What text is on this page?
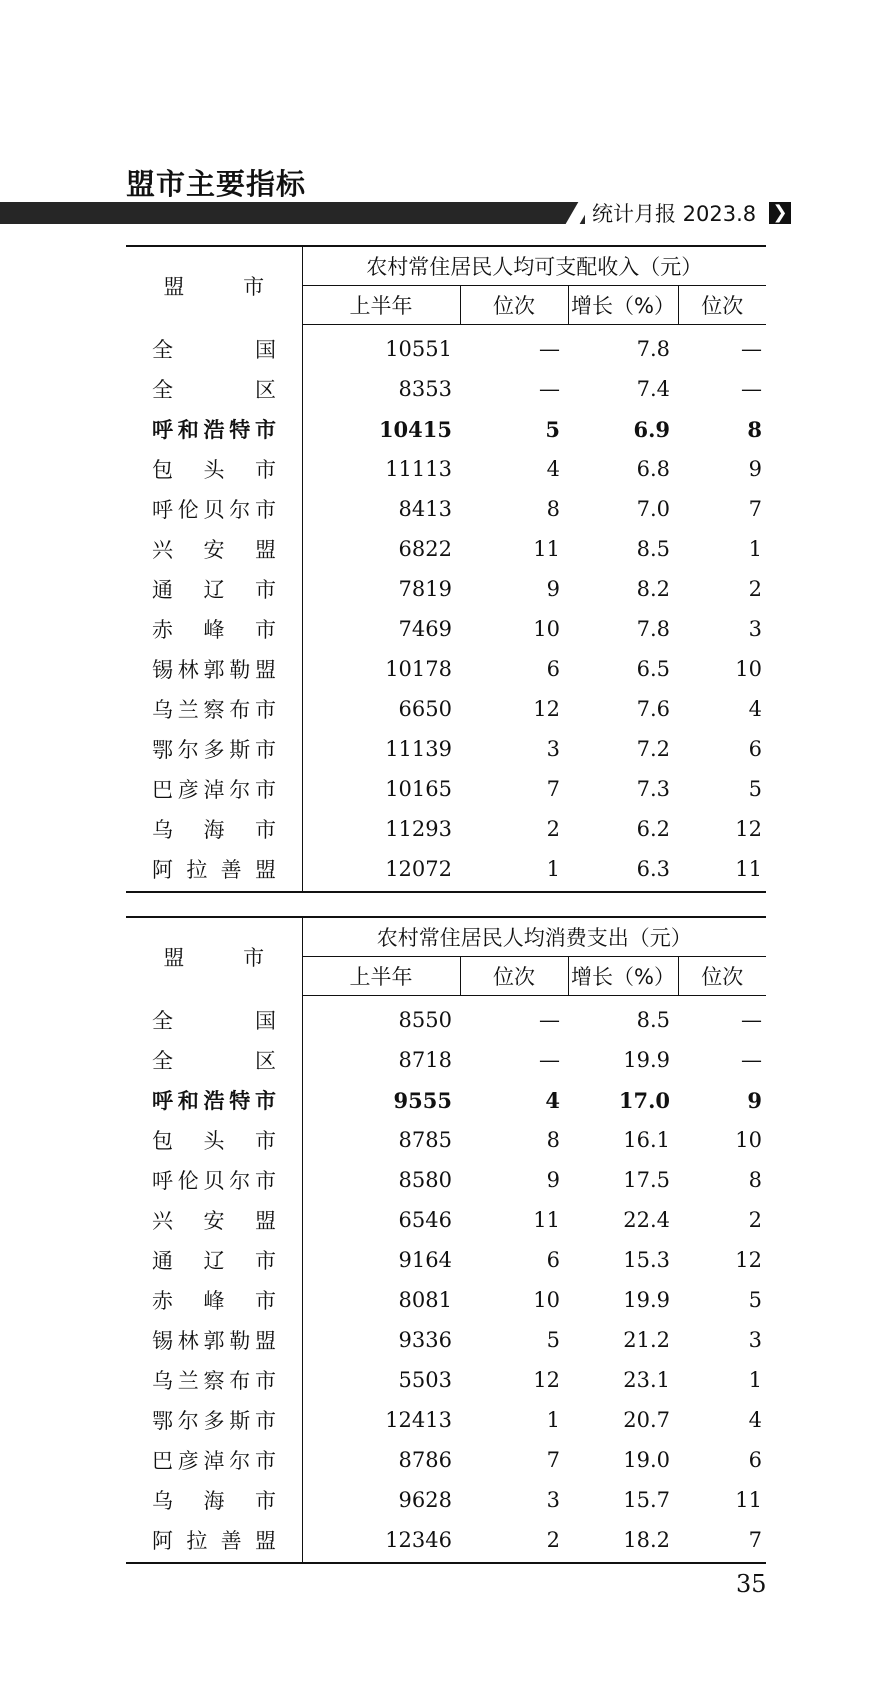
盟市主要指标
统计月报 2023.8 ❯
盟 市	农村常住居民人均可支配收入（元）			
	上半年	位次	增长（%）	位次

全国	10551	—	7.8	—

全区	8353	—	7.4	—

呼和浩特市	10415	5	6.9	8

包头市	11113	4	6.8	9

呼伦贝尔市	8413	8	7.0	7

兴安盟	6822	11	8.5	1

通辽市	7819	9	8.2	2

赤峰市	7469	10	7.8	3

锡林郭勒盟	10178	6	6.5	10

乌兰察布市	6650	12	7.6	4

鄂尔多斯市	11139	3	7.2	6

巴彦淖尔市	10165	7	7.3	5

乌海市	11293	2	6.2	12

阿拉善盟	12072	1	6.3	11
盟 市	农村常住居民人均消费支出（元）			
	上半年	位次	增长（%）	位次

全国	8550	—	8.5	—

全区	8718	—	19.9	—

呼和浩特市	9555	4	17.0	9

包头市	8785	8	16.1	10

呼伦贝尔市	8580	9	17.5	8

兴安盟	6546	11	22.4	2

通辽市	9164	6	15.3	12

赤峰市	8081	10	19.9	5

锡林郭勒盟	9336	5	21.2	3

乌兰察布市	5503	12	23.1	1

鄂尔多斯市	12413	1	20.7	4

巴彦淖尔市	8786	7	19.0	6

乌海市	9628	3	15.7	11

阿拉善盟	12346	2	18.2	7
35
